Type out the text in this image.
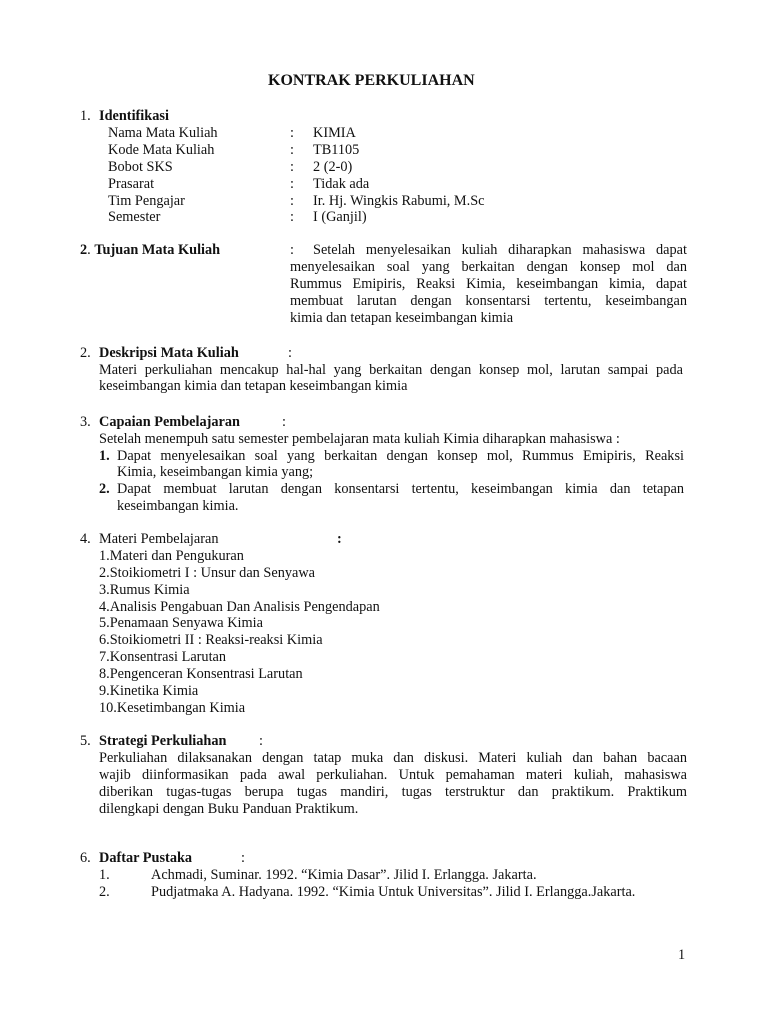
KONTRAK PERKULIAHAN
1. Identifikasi
Nama Mata Kuliah	: KIMIA
Kode Mata Kuliah	: TB1105
Bobot SKS	: 2 (2-0)
Prasarat	: Tidak ada
Tim Pengajar	: Ir. Hj. Wingkis Rabumi, M.Sc
Semester	: I (Ganjil)
2. Tujuan Mata Kuliah	: Setelah menyelesaikan kuliah diharapkan mahasiswa dapat
menyelesaikan soal yang berkaitan dengan konsep mol dan
Rummus Emipiris, Reaksi Kimia, keseimbangan kimia, dapat
membuat larutan dengan konsentarsi tertentu, keseimbangan
kimia dan tetapan keseimbangan kimia
2. Deskripsi Mata Kuliah	:
Materi perkuliahan mencakup hal-hal yang berkaitan dengan konsep mol, larutan sampai pada
keseimbangan kimia dan tetapan keseimbangan kimia
3. Capaian Pembelajaran	:
Setelah menempuh satu semester pembelajaran mata kuliah Kimia diharapkan mahasiswa :
1. Dapat menyelesaikan soal yang berkaitan dengan konsep mol, Rummus Emipiris, Reaksi
Kimia, keseimbangan kimia yang;
2. Dapat membuat larutan dengan konsentarsi tertentu, keseimbangan kimia dan tetapan
keseimbangan kimia.
4. Materi Pembelajaran	:
1.Materi dan Pengukuran
2.Stoikiometri I : Unsur dan Senyawa
3.Rumus Kimia
4.Analisis Pengabuan Dan Analisis Pengendapan
5.Penamaan Senyawa Kimia
6.Stoikiometri II : Reaksi-reaksi Kimia
7.Konsentrasi Larutan
8.Pengenceran Konsentrasi Larutan
9.Kinetika Kimia
10.Kesetimbangan Kimia
5. Strategi Perkuliahan :
Perkuliahan dilaksanakan dengan tatap muka dan diskusi. Materi kuliah dan bahan bacaan
wajib diinformasikan pada awal perkuliahan. Untuk pemahaman materi kuliah, mahasiswa
diberikan tugas-tugas berupa tugas mandiri, tugas terstruktur dan praktikum. Praktikum
dilengkapi dengan Buku Panduan Praktikum.
6. Daftar Pustaka	:
1.	Achmadi, Suminar. 1992. “Kimia Dasar”. Jilid I. Erlangga. Jakarta.
2.	Pudjatmaka A. Hadyana. 1992. “Kimia Untuk Universitas”. Jilid I. Erlangga.Jakarta.
1
